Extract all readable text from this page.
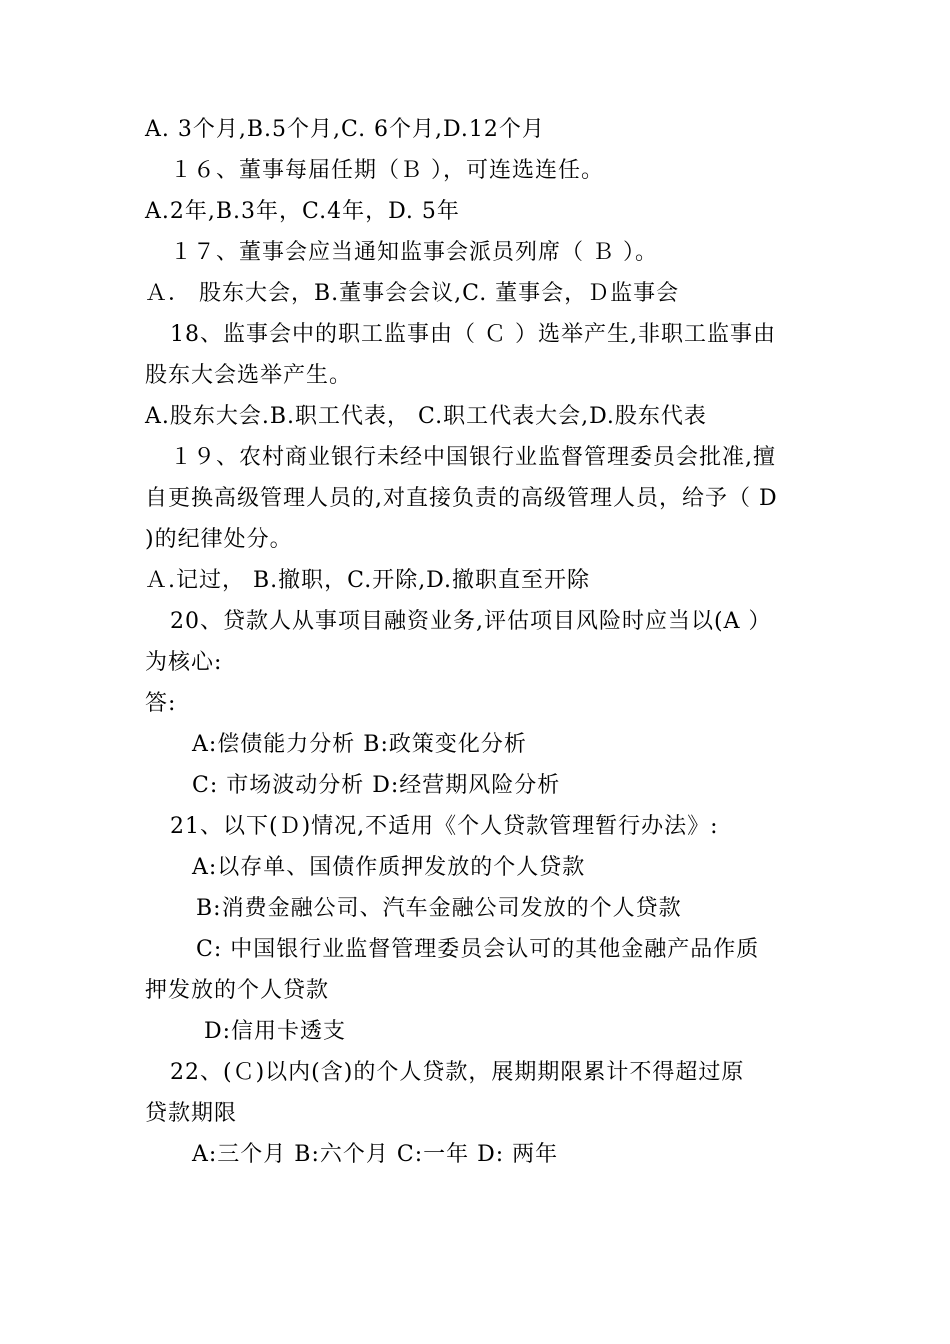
A. 3个月,B.5个月,C. 6个月,D.12个月
１６、董事每届任期（Ｂ ），可连选连任。
A.2年,B.3年，C.4年，D. 5年
１７、董事会应当通知监事会派员列席（ Ｂ ）。
Ａ． 股东大会，B.董事会会议,C. 董事会，Ｄ监事会
18、监事会中的职工监事由（ Ｃ ）选举产生,非职工监事由
股东大会选举产生。
A.股东大会.B.职工代表， C.职工代表大会,D.股东代表
１９、农村商业银行未经中国银行业监督管理委员会批准,擅
自更换高级管理人员的,对直接负责的高级管理人员，给予（ D
)的纪律处分。
Ａ.记过， B.撤职，C.开除,D.撤职直至开除
20、贷款人从事项目融资业务,评估项目风险时应当以(A ）
为核心:
答:
A:偿债能力分析 B:政策变化分析
C: 市场波动分析 D:经营期风险分析
21、以下(Ｄ)情况,不适用《个人贷款管理暂行办法》:
A:以存单、国债作质押发放的个人贷款
B:消费金融公司、汽车金融公司发放的个人贷款
C: 中国银行业监督管理委员会认可的其他金融产品作质
押发放的个人贷款
D:信用卡透支
22、(Ｃ)以内(含)的个人贷款，展期期限累计不得超过原
贷款期限
A:三个月 B:六个月 C:一年 D: 两年
